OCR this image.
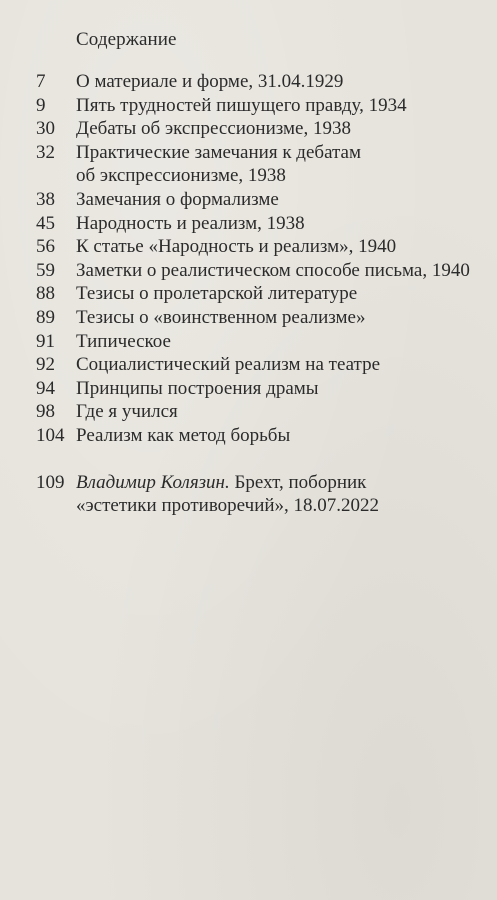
Содержание
7	О материале и форме, 31.04.1929
9	Пять трудностей пишущего правду, 1934
30	Дебаты об экспрессионизме, 1938
32	Практические замечания к дебатам
об экспрессионизме, 1938
38	Замечания о формализме
45	Народность и реализм, 1938
56	К статье «Народность и реализм», 1940
59	Заметки о реалистическом способе письма, 1940
88	Тезисы о пролетарской литературе
89	Тезисы о «воинственном реализме»
91	Типическое
92	Социалистический реализм на театре
94	Принципы построения драмы
98	Где я учился
104 Реализм как метод борьбы
109 Владимир Колязин. Брехт, поборник
«эстетики противоречий», 18.07.2022
